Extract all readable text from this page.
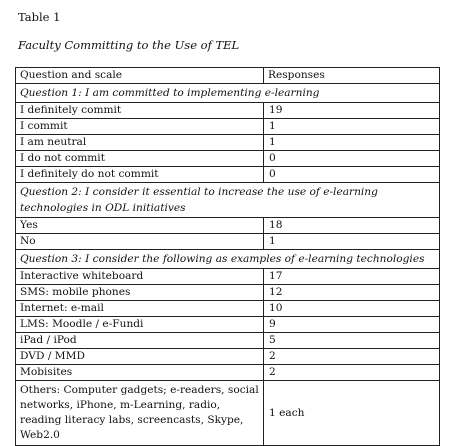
Table 1
Faculty Committing to the Use of TEL
Question and scale	Responses
Question 1: I am committed to implementing e-learning	
I definitely commit	19
I commit	1
I am neutral	1
I do not commit	0
I definitely do not commit	0
Question 2: I consider it essential to increase the use of e-learning technologies in ODL initiatives	
Yes	18
No	1
Question 3: I consider the following as examples of e-learning technologies	
Interactive whiteboard	17
SMS: mobile phones	12
Internet: e-mail	10
LMS: Moodle / e-Fundi	9
iPad / iPod	5
DVD / MMD	2
Mobisites	2
Others: Computer gadgets; e-readers, social networks, iPhone, m-Learning, radio, reading literacy labs, screencasts, Skype, Web2.0	1 each
